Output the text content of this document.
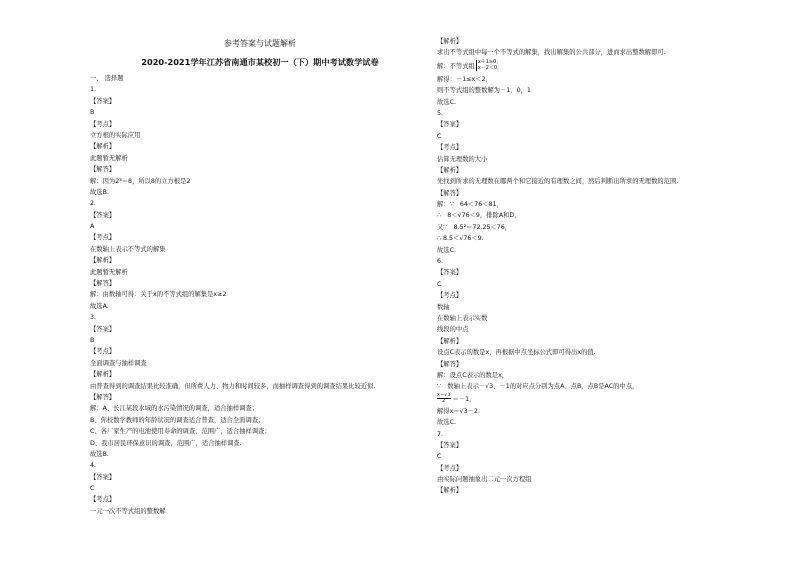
参考答案与试题解析
2020-2021学年江苏省南通市某校初一（下）期中考试数学试卷
一、 选择题
1.
【答案】
B
【考点】
立方根的实际应用
【解析】
此题暂无解析
【解答】
解：因为2³＝8，所以8的立方根是2
故选B.
2.
【答案】
A
【考点】
在数轴上表示不等式的解集
【解析】
此题暂无解析
【解答】
解：由数轴可得：关于x的不等式组的解集是x≥2
故选A.
3.
【答案】
B
【考点】
全面调查与抽样调查
【解析】
由普查得到的调查结果比较准确，但所费人力、物力和时间较多，而抽样调查得到的调查结果比较近似.
【解答】
解：A、长江某段水域的水污染情况的调查，适合抽样调查；
B、你校数学教师的年龄状况的调查适合普查，适合全面调查；
C、各厂家生产的电池使用寿命的调查，范围广，适合抽样调查；
D、我市居民环保意识的调查，范围广，适合抽样调查.
故选B.
4.
【答案】
C
【考点】
一元一次不等式组的整数解
【解析】
求出不等式组中每一个不等式的解集，找出解集的公共部分，进而求出整数解即可.
解：不等式组
x＋1≥0，
x－2＜0，
解得：－1≤x＜2，
则不等式组的整数解为－1，0，1
故选C.
5.
【答案】
C
【考点】
估算无理数的大小
【解析】
先找到所求的无理数在哪两个和它接近的有理数之间，然后判断出所求的无理数的范围.
【解答】
解：∵　64＜76＜81，
∴　8＜√76＜9，排除A和D，
又∵　8.5²＝72.25＜76，
∴ 8.5＜√76＜9.
故选C.
6.
【答案】
C
【考点】
数轴
在数轴上表示实数
线段的中点
【解析】
设点C表示的数是x，再根据中点坐标公式即可得出x的值.
【解答】
解：设点C表示的数是x，
∵　数轴上表示－√3、－1的对应点分别为点A、点B，点B是AC的中点，
$\frac{x-√3}{2} =-1$，
解得x＝√3－2.
故选C.
7.
【答案】
C
【考点】
由实际问题抽象出二元一次方程组
【解析】
